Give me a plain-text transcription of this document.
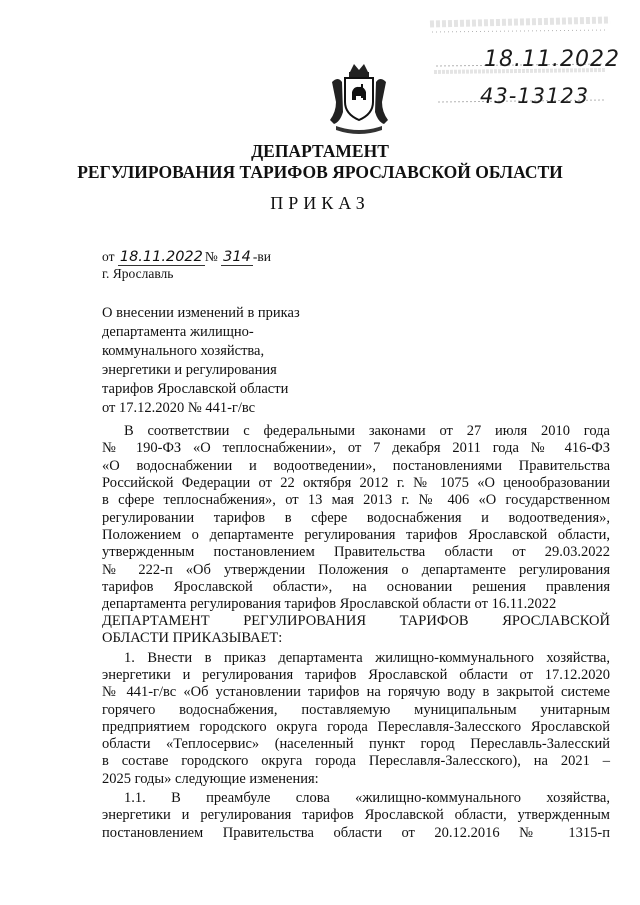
18.11.2022
43-13123
ДЕПАРТАМЕНТ
РЕГУЛИРОВАНИЯ ТАРИФОВ ЯРОСЛАВСКОЙ ОБЛАСТИ
ПРИКАЗ
от 18.11.2022 № 314 -ви
г. Ярославль
О внесении изменений в приказ
департамента жилищно-
коммунального хозяйства,
энергетики и регулирования
тарифов Ярославской области
от 17.12.2020 № 441-г/вс
В соответствии с федеральными законами от 27 июля 2010 года
№ 190-ФЗ «О теплоснабжении», от 7 декабря 2011 года № 416-ФЗ
«О водоснабжении и водоотведении», постановлениями Правительства
Российской Федерации от 22 октября 2012 г. № 1075 «О ценообразовании
в сфере теплоснабжения», от 13 мая 2013 г. № 406 «О государственном
регулировании тарифов в сфере водоснабжения и водоотведения»,
Положением о департаменте регулирования тарифов Ярославской области,
утвержденным постановлением Правительства области от 29.03.2022
№ 222-п «Об утверждении Положения о департаменте регулирования
тарифов Ярославской области», на основании решения правления
департамента регулирования тарифов Ярославской области от 16.11.2022
ДЕПАРТАМЕНТ РЕГУЛИРОВАНИЯ ТАРИФОВ ЯРОСЛАВСКОЙ
ОБЛАСТИ ПРИКАЗЫВАЕТ:
1. Внести в приказ департамента жилищно-коммунального хозяйства,
энергетики и регулирования тарифов Ярославской области от 17.12.2020
№ 441-г/вс «Об установлении тарифов на горячую воду в закрытой системе
горячего водоснабжения, поставляемую муниципальным унитарным
предприятием городского округа города Переславля-Залесского Ярославской
области «Теплосервис» (населенный пункт город Переславль-Залесский
в составе городского округа города Переславля-Залесского), на 2021 –
2025 годы» следующие изменения:
1.1. В преамбуле слова «жилищно-коммунального хозяйства,
энергетики и регулирования тарифов Ярославской области, утвержденным
постановлением Правительства области от 20.12.2016 № 1315-п
